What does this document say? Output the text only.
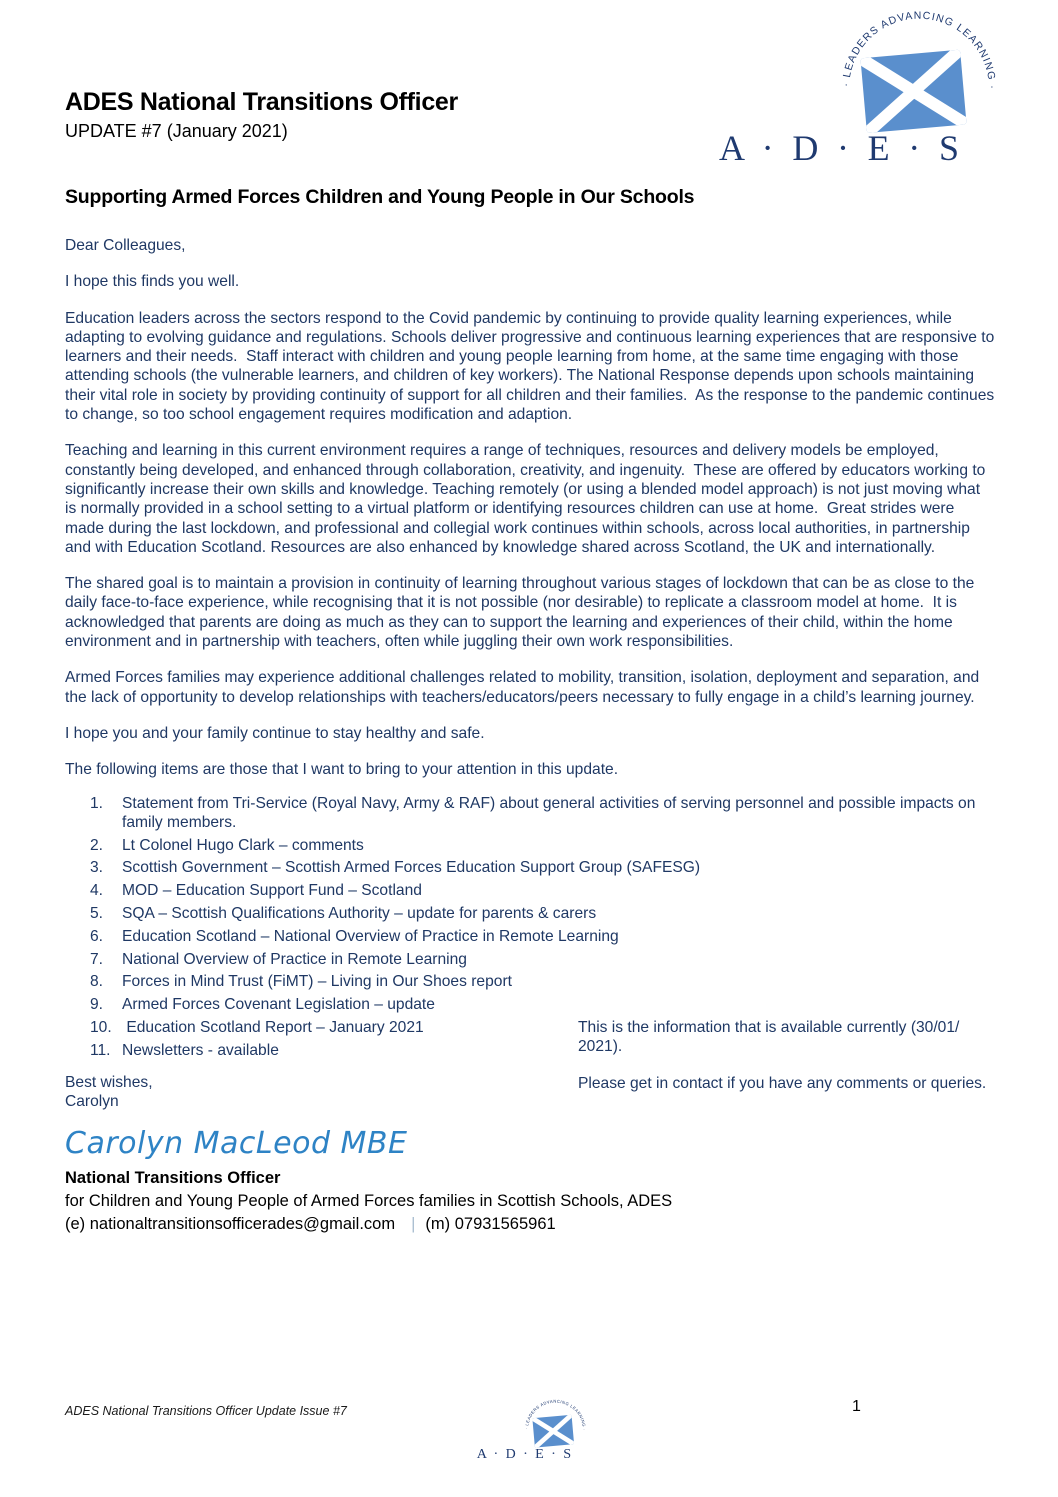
ADES National Transitions Officer
UPDATE #7 (January 2021)
· LEADERS ADVANCING LEARNING ·
A · D · E · S
Supporting Armed Forces Children and Young People in Our Schools

Dear Colleagues,

I hope this finds you well.

Education leaders across the sectors respond to the Covid pandemic by continuing to provide quality learning experiences, while adapting to evolving guidance and regulations. Schools deliver progressive and continuous learning experiences that are responsive to learners and their needs.  Staff interact with children and young people learning from home, at the same time engaging with those attending schools (the vulnerable learners, and children of key workers). The National Response depends upon schools maintaining their vital role in society by providing continuity of support for all children and their families.  As the response to the pandemic continues to change, so too school engagement requires modification and adaption.

Teaching and learning in this current environment requires a range of techniques, resources and delivery models be employed, constantly being developed, and enhanced through collaboration, creativity, and ingenuity.  These are offered by educators working to significantly increase their own skills and knowledge. Teaching remotely (or using a blended model approach) is not just moving what is normally provided in a school setting to a virtual platform or identifying resources children can use at home.  Great strides were made during the last lockdown, and professional and collegial work continues within schools, across local authorities, in partnership and with Education Scotland. Resources are also enhanced by knowledge shared across Scotland, the UK and internationally.

The shared goal is to maintain a provision in continuity of learning throughout various stages of lockdown that can be as close to the daily face-to-face experience, while recognising that it is not possible (nor desirable) to replicate a classroom model at home.  It is acknowledged that parents are doing as much as they can to support the learning and experiences of their child, within the home environment and in partnership with teachers, often while juggling their own work responsibilities.

Armed Forces families may experience additional challenges related to mobility, transition, isolation, deployment and separation, and the lack of opportunity to develop relationships with teachers/educators/peers necessary to fully engage in a child’s learning journey.

I hope you and your family continue to stay healthy and safe.

The following items are those that I want to bring to your attention in this update.

1.	Statement from Tri-Service (Royal Navy, Army & RAF) about general activities of serving personnel and possible impacts on family members.
2.	Lt Colonel Hugo Clark – comments
3.	Scottish Government – Scottish Armed Forces Education Support Group (SAFESG)
4.	MOD – Education Support Fund – Scotland
5.	SQA – Scottish Qualifications Authority – update for parents & carers
6.	Education Scotland – National Overview of Practice in Remote Learning
7.	National Overview of Practice in Remote Learning
8.	Forces in Mind Trust (FiMT) – Living in Our Shoes report
9.	Armed Forces Covenant Legislation – update
10. Education Scotland Report – January 2021
11. Newsletters - available
Best wishes,
Carolyn

This is the information that is available currently (30/01/ 2021).

Please get in contact if you have any comments or queries.

Carolyn MacLeod MBE
National Transitions Officer
for Children and Young People of Armed Forces families in Scottish Schools, ADES
(e) nationaltransitionsofficerades@gmail.com | (m) 07931565961
ADES National Transitions Officer Update Issue #7	1
